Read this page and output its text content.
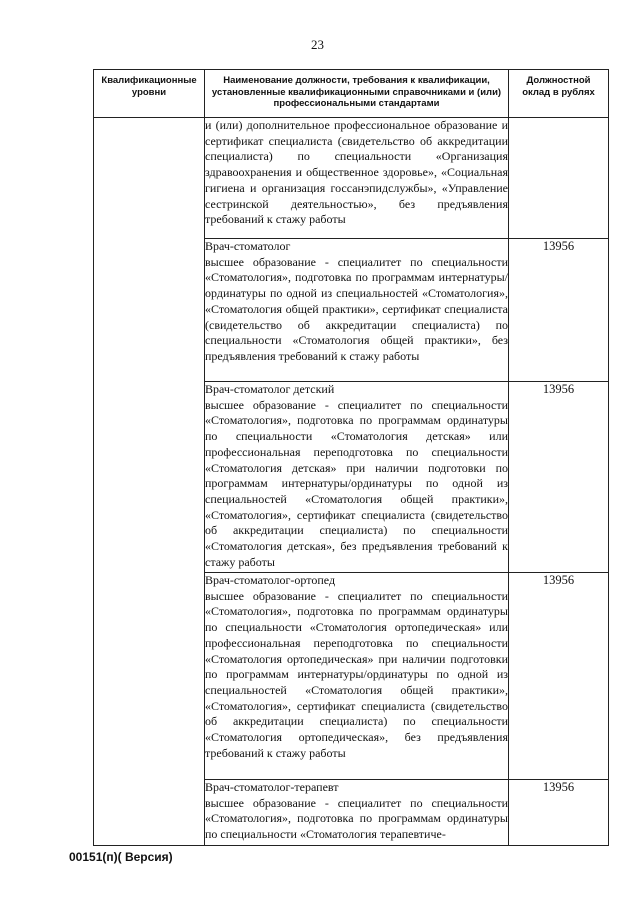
23
Квалификационные уровни	Наименование должности, требования к квалификации, установленные квалификационными справочниками и (или) профессиональными стандартами	Должностной оклад в рублях

	и (или) дополнительное профессиональное образование и сертификат специалиста (свидетельство об аккредитации специалиста) по специальности «Организация здравоохранения и общественное здоровье», «Социальная гигиена и организация госсанэпидслужбы», «Управление сестринской деятельностью», без предъявления требований к стажу работы	

	Врач-стоматолог
высшее образование - специалитет по специальности «Стоматология», подготовка по программам интернатуры/ординатуры по одной из специальностей «Стоматология», «Стоматология общей практики», сертификат специалиста (свидетельство об аккредитации специалиста) по специальности «Стоматология общей практики», без предъявления требований к стажу работы	13956

	Врач-стоматолог детский
высшее образование - специалитет по специальности «Стоматология», подготовка по программам ординатуры по специальности «Стоматология детская» или профессиональная переподготовка по специальности «Стоматология детская» при наличии подготовки по программам интернатуры/ординатуры по одной из специальностей «Стоматология общей практики», «Стоматология», сертификат специалиста (свидетельство об аккредитации специалиста) по специальности «Стоматология детская», без предъявления требований к стажу работы	13956

	Врач-стоматолог-ортопед
высшее образование - специалитет по специальности «Стоматология», подготовка по программам ординатуры по специальности «Стоматология ортопедическая» или профессиональная переподготовка по специальности «Стоматология ортопедическая» при наличии подготовки по программам интернатуры/ординатуры по одной из специальностей «Стоматология общей практики», «Стоматология», сертификат специалиста (свидетельство об аккредитации специалиста) по специальности «Стоматология ортопедическая», без предъявления требований к стажу работы	13956

	Врач-стоматолог-терапевт
высшее образование - специалитет по специальности «Стоматология», подготовка по программам ординатуры по специальности «Стоматология терапевтиче-	13956
00151(п)( Версия)
